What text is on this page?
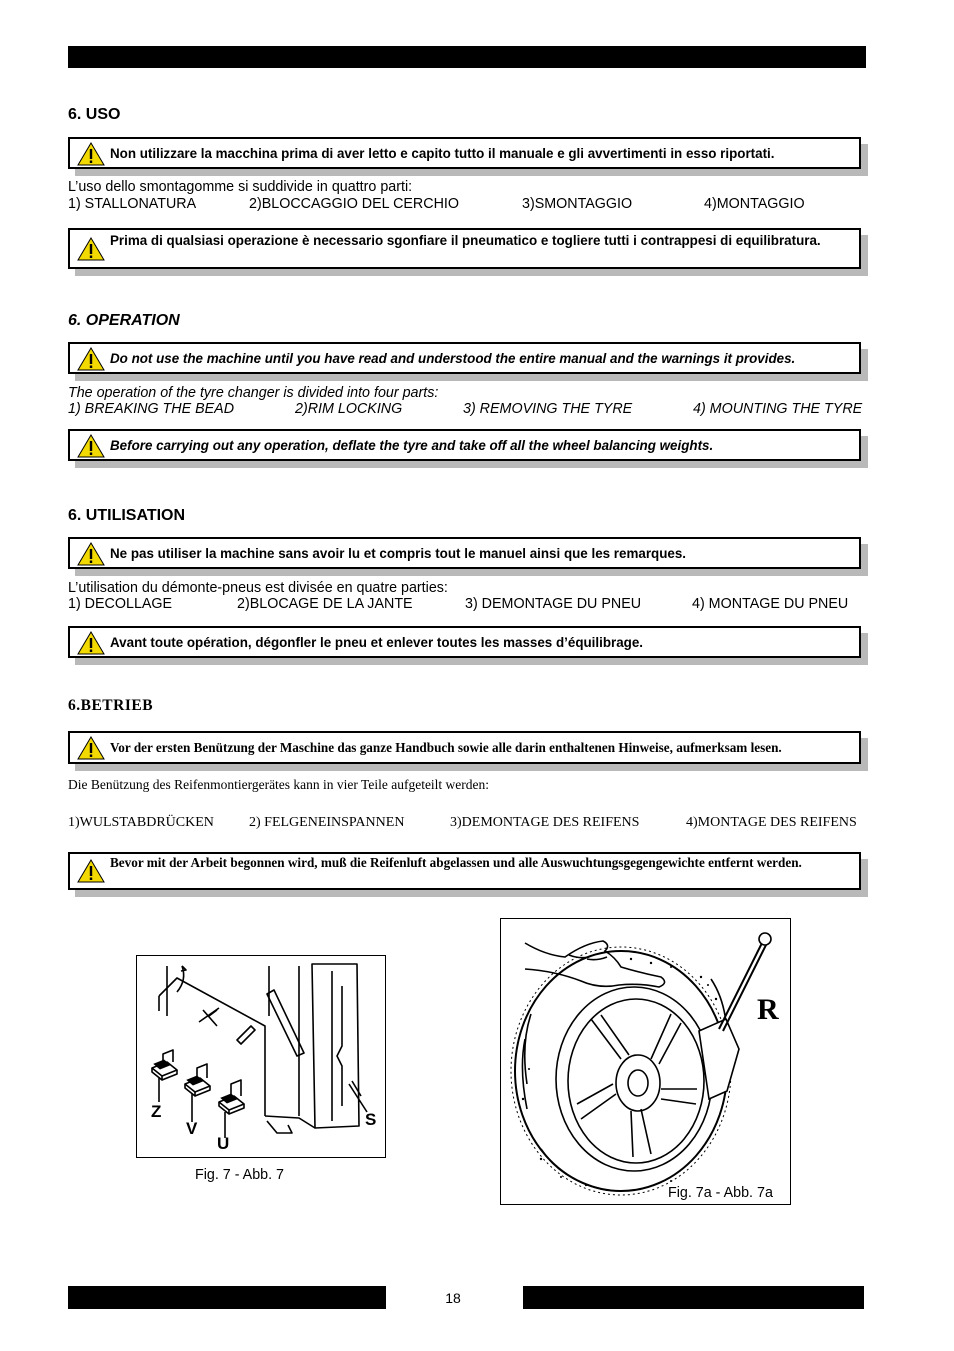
18
6. USO
Non utilizzare la macchina prima di aver letto e capito tutto il manuale e gli avvertimenti in esso riportati.
L’uso dello smontagomme si suddivide in quattro parti:
1) STALLONATURA	2)BLOCCAGGIO DEL CERCHIO	3)SMONTAGGIO	4)MONTAGGIO
Prima di qualsiasi operazione è necessario sgonfiare il pneumatico e togliere tutti i contrappesi di equilibratura.
6. OPERATION
Do not use the machine until you have read and understood the entire manual and the warnings it provides.
The operation of the tyre changer is divided into four parts:
1) BREAKING THE BEAD	2)RIM LOCKING	3) REMOVING THE TYRE	4) MOUNTING THE TYRE
Before carrying out any operation, deflate the tyre and take off all the wheel balancing weights.
6. UTILISATION
Ne pas utiliser la machine sans avoir lu et compris tout le manuel ainsi que les remarques.
L’utilisation du démonte-pneus est divisée en quatre parties:
1) DECOLLAGE	2)BLOCAGE DE LA JANTE	3) DEMONTAGE DU PNEU	4) MONTAGE DU PNEU
Avant toute opération, dégonfler le pneu et enlever toutes les masses d’équilibrage.
6.BETRIEB
Vor der ersten Benützung der Maschine das ganze Handbuch sowie alle darin enthaltenen Hinweise, aufmerksam lesen.
Die Benützung des Reifenmontiergerätes kann in vier Teile aufgeteilt werden:
1)WULSTABDRÜCKEN	2) FELGENEINSPANNEN	3)DEMONTAGE DES REIFENS	4)MONTAGE DES REIFENS
Bevor mit der Arbeit begonnen wird, muß die Reifenluft abgelassen und alle Auswuchtungsgegengewichte entfernt werden.
Z
V
U
S
Fig. 7 - Abb. 7
R
Fig. 7a - Abb. 7a
